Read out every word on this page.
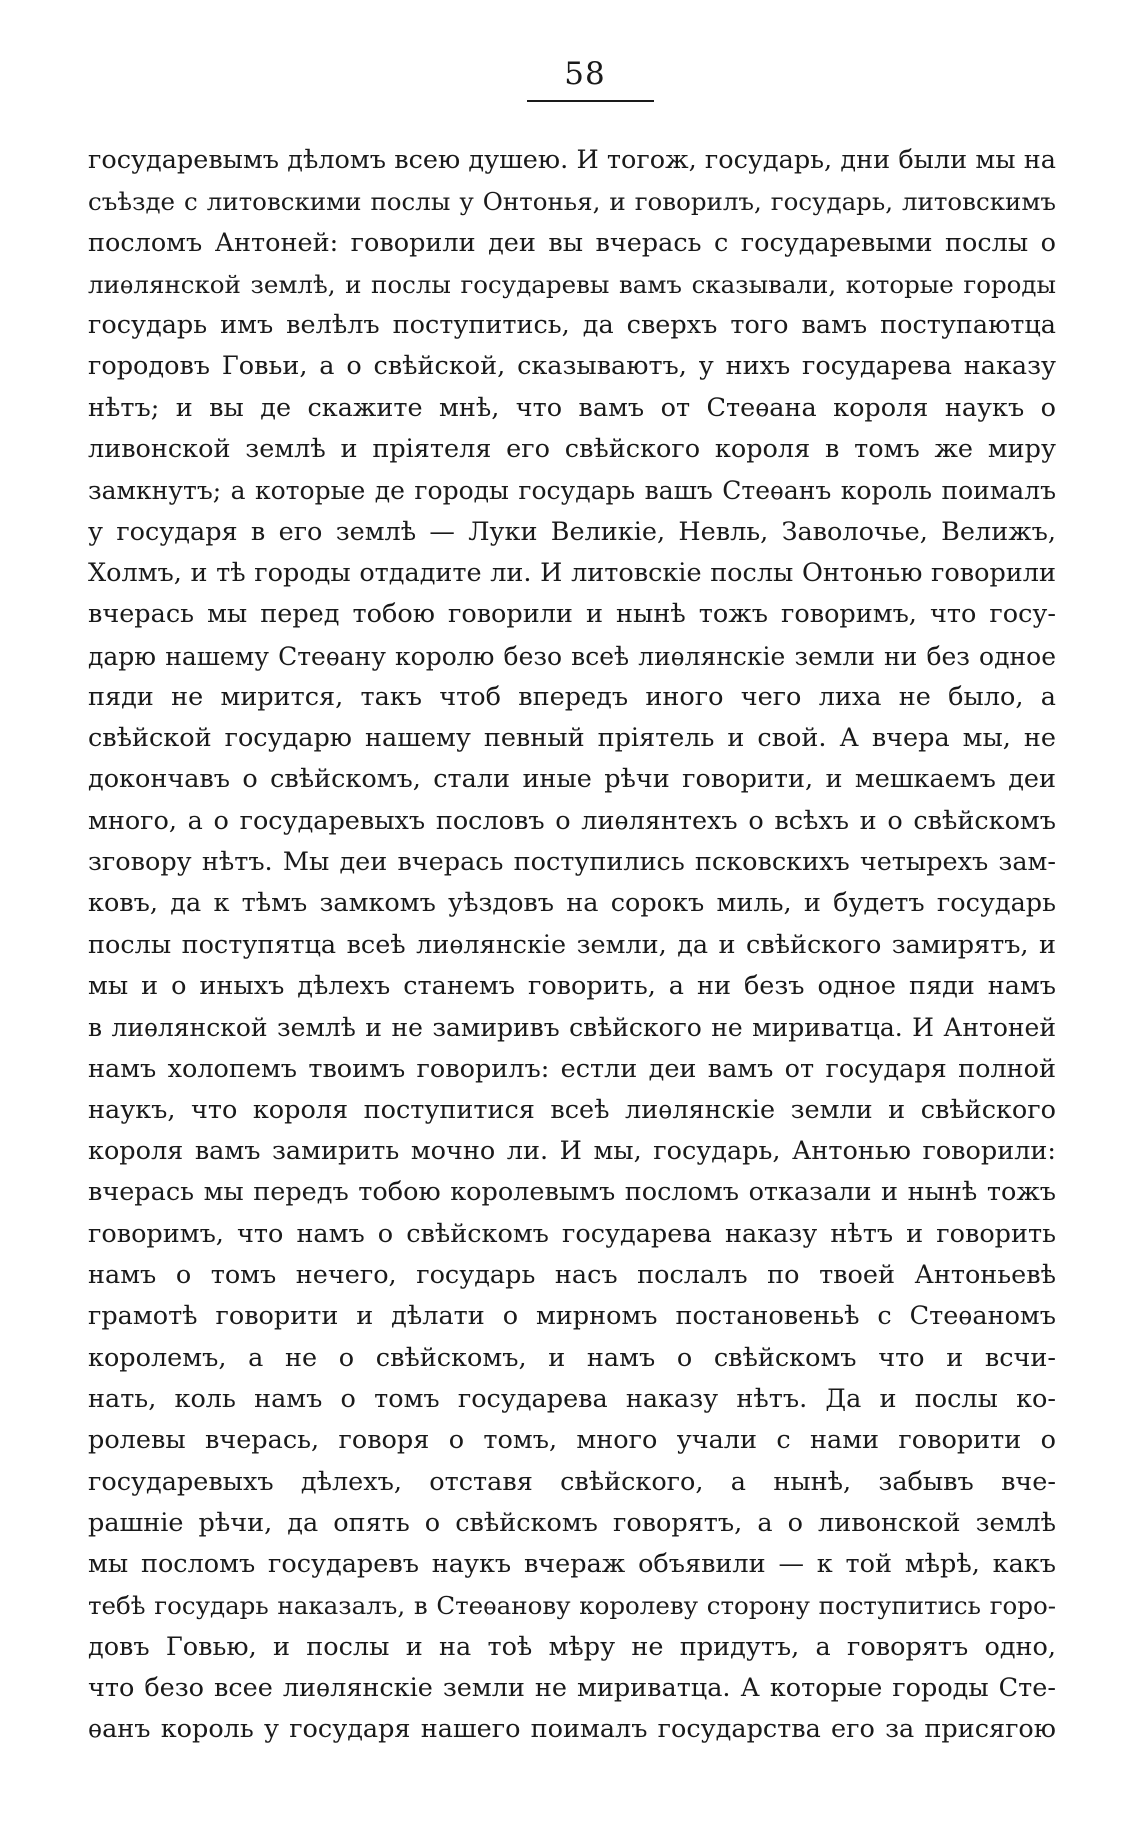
58
государевымъ дѣломъ всею душею. И тогож, государь, дни были мы на
съѣзде с литовскими послы у Онтонья, и говорилъ, государь, литовскимъ
посломъ Антоней: говорили деи вы вчерась с государевыми послы о
лиѳлянской землѣ, и послы государевы вамъ сказывали, которые городы
государь имъ велѣлъ поступитись, да сверхъ того вамъ поступаютца
городовъ Говьи, а о свѣйской, сказываютъ, у нихъ государева наказу
нѣтъ; и вы де скажите мнѣ, что вамъ от Стеѳана короля наукъ о
ливонской землѣ и пріятеля его свѣйского короля в томъ же миру
замкнутъ; а которые де городы государь вашъ Стеѳанъ король поималъ
у государя в его землѣ — Луки Великіе, Невль, Заволочье, Велижъ,
Холмъ, и тѣ городы отдадите ли. И литовскіе послы Онтонью говорили
вчерась мы перед тобою говорили и нынѣ тожъ говоримъ, что госу-
дарю нашему Стеѳану королю безо всеѣ лиѳлянскіе земли ни без одное
пяди не мирится, такъ чтоб впередъ иного чего лиха не было, а
свѣйской государю нашему певный пріятель и свой. А вчера мы, не
докончавъ о свѣйскомъ, стали иные рѣчи говорити, и мешкаемъ деи
много, а о государевыхъ пословъ о лиѳлянтехъ о всѣхъ и о свѣйскомъ
зговору нѣтъ. Мы деи вчерась поступились псковскихъ четырехъ зам-
ковъ, да к тѣмъ замкомъ уѣздовъ на сорокъ миль, и будетъ государь
послы поступятца всеѣ лиѳлянскіе земли, да и свѣйского замирятъ, и
мы и о иныхъ дѣлехъ станемъ говорить, а ни безъ одное пяди намъ
в лиѳлянской землѣ и не замиривъ свѣйского не мириватца. И Антоней
намъ холопемъ твоимъ говорилъ: естли деи вамъ от государя полной
наукъ, что короля поступитися всеѣ лиѳлянскіе земли и свѣйского
короля вамъ замирить мочно ли. И мы, государь, Антонью говорили:
вчерась мы передъ тобою королевымъ посломъ отказали и нынѣ тожъ
говоримъ, что намъ о свѣйскомъ государева наказу нѣтъ и говорить
намъ о томъ нечего, государь насъ послалъ по твоей Антоньевѣ
грамотѣ говорити и дѣлати о мирномъ постановеньѣ с Стеѳаномъ
королемъ, а не о свѣйскомъ, и намъ о свѣйскомъ что и всчи-
нать, коль намъ о томъ государева наказу нѣтъ. Да и послы ко-
ролевы вчерась, говоря о томъ, много учали с нами говорити о
государевыхъ дѣлехъ, отставя свѣйского, а нынѣ, забывъ вче-
рашніе рѣчи, да опять о свѣйскомъ говорятъ, а о ливонской землѣ
мы посломъ государевъ наукъ вчераж объявили — к той мѣрѣ, какъ
тебѣ государь наказалъ, в Стеѳанову королеву сторону поступитись горо-
довъ Говью, и послы и на тоѣ мѣру не придутъ, а говорятъ одно,
что безо всее лиѳлянскіе земли не мириватца. А которые городы Сте-
ѳанъ король у государя нашего поималъ государства его за присягою
